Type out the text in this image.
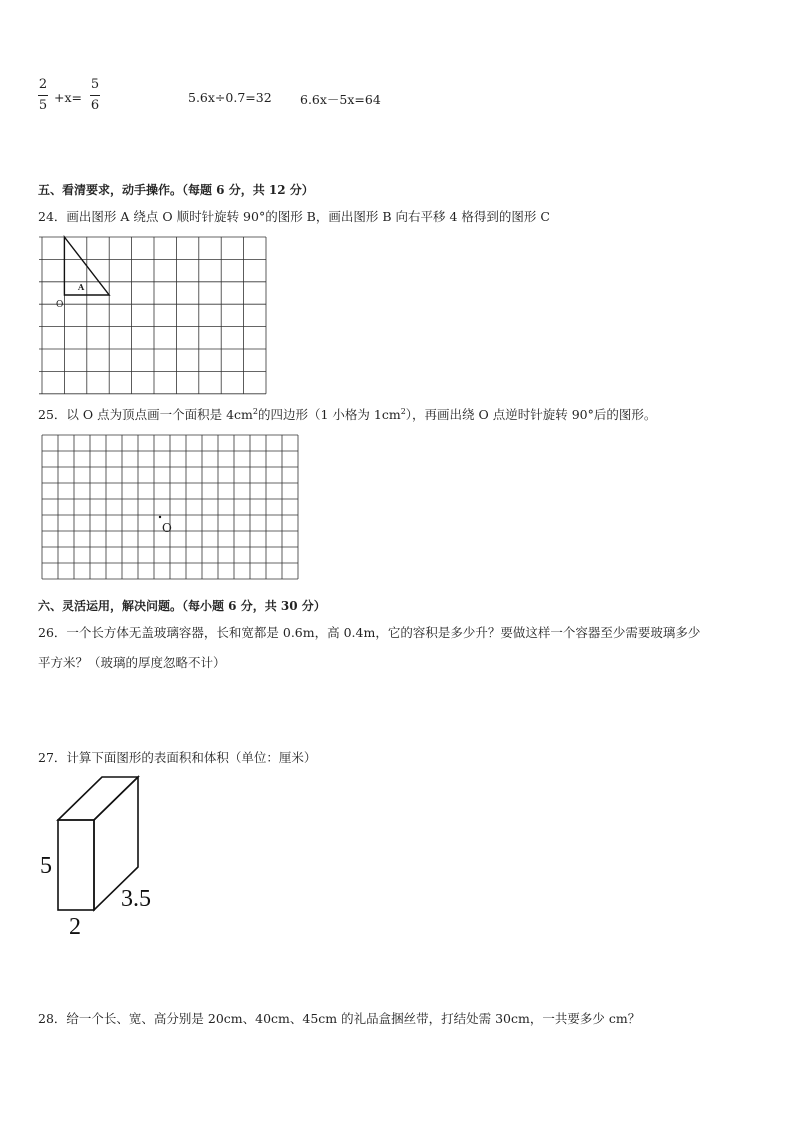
2
5
+x=
5
6
5.6x÷0.7=32 6.6x－5x=64
五、看清要求，动手操作。（每题 6 分，共 12 分）
24．画出图形 A 绕点 O 顺时针旋转 90°的图形 B，画出图形 B 向右平移 4 格得到的图形 C
A
O
25．以 O 点为顶点画一个面积是 $4cm^2$的四边形（1 小格为 $1cm^2$），再画出绕 O 点逆时针旋转 90°后的图形。
O
六、灵活运用，解决问题。（每小题 6 分，共 30 分）
26．一个长方体无盖玻璃容器，长和宽都是 0.6m，高 0.4m，它的容积是多少升？要做这样一个容器至少需要玻璃多少
平方米？（玻璃的厚度忽略不计）
27．计算下面图形的表面积和体积（单位：厘米）
5
3.5
2
28．给一个长、宽、高分别是 20cm、40cm、45cm 的礼品盒捆丝带，打结处需 30cm，一共要多少 cm？
